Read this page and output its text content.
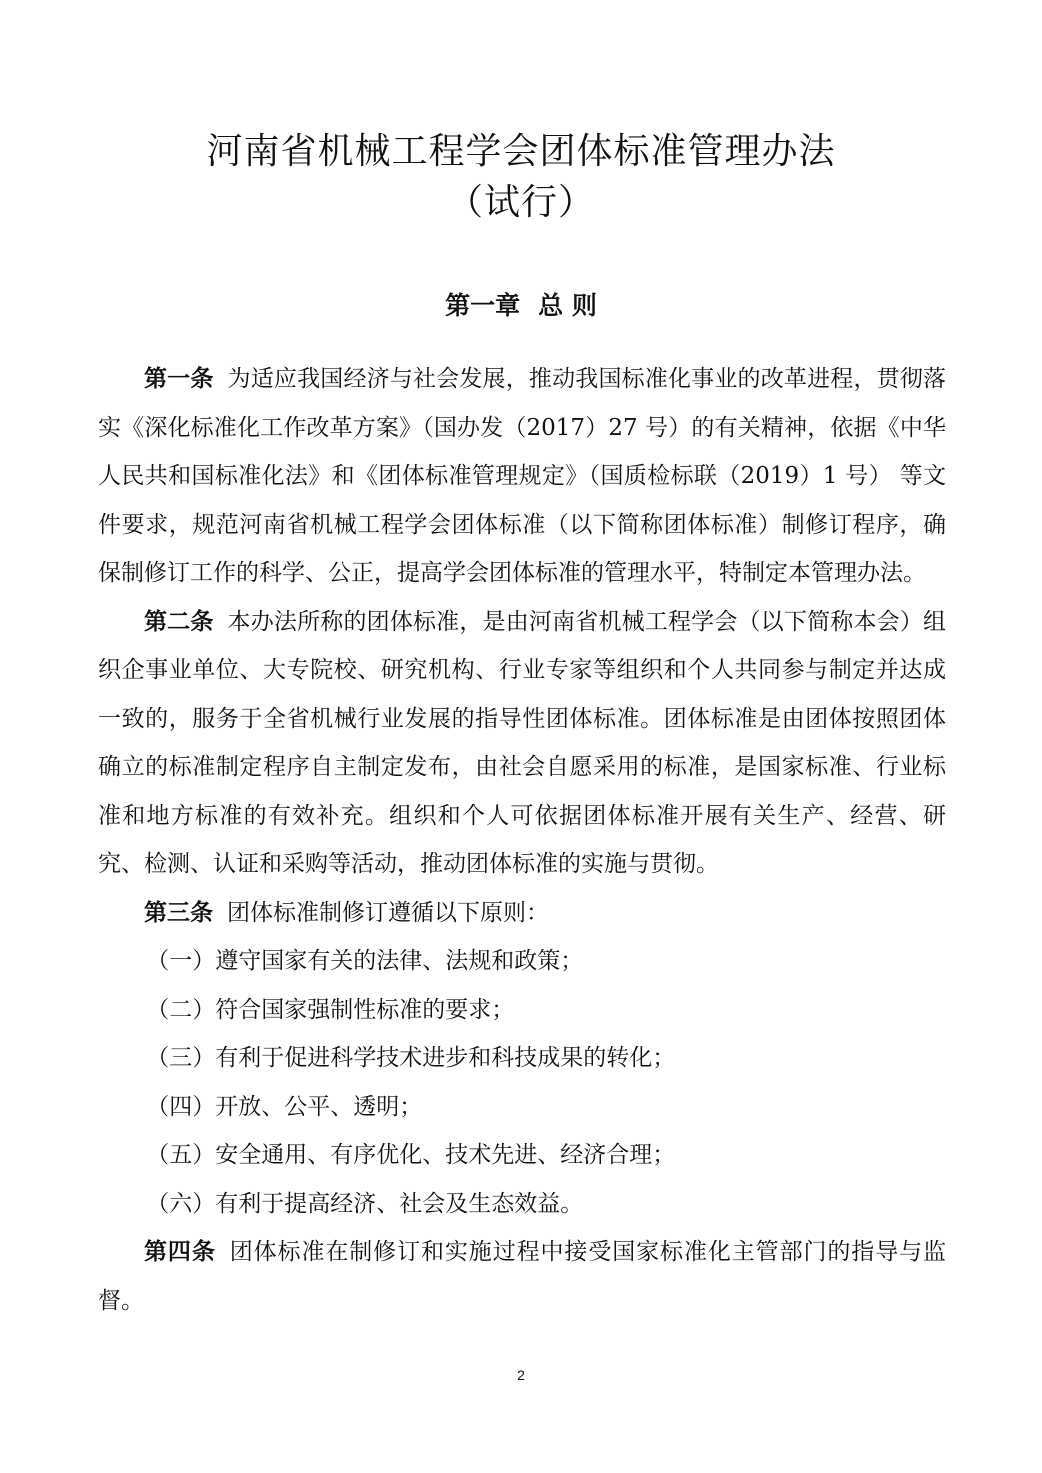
河南省机械工程学会团体标准管理办法
（试行）
第一章 总 则

第一条 为适应我国经济与社会发展，推动我国标准化事业的改革进程，贯彻落实《深化标准化工作改革方案》（国办发（2017）27 号）的有关精神，依据《中华人民共和国标准化法》和《团体标准管理规定》（国质检标联（2019）1 号） 等文件要求，规范河南省机械工程学会团体标准（以下简称团体标准）制修订程序，确保制修订工作的科学、公正，提高学会团体标准的管理水平，特制定本管理办法。

第二条 本办法所称的团体标准，是由河南省机械工程学会（以下简称本会）组织企事业单位、大专院校、研究机构、行业专家等组织和个人共同参与制定并达成一致的，服务于全省机械行业发展的指导性团体标准。团体标准是由团体按照团体确立的标准制定程序自主制定发布，由社会自愿采用的标准，是国家标准、行业标准和地方标准的有效补充。组织和个人可依据团体标准开展有关生产、经营、研究、检测、认证和采购等活动，推动团体标准的实施与贯彻。

第三条 团体标准制修订遵循以下原则：

（一）遵守国家有关的法律、法规和政策；

（二）符合国家强制性标准的要求；

（三）有利于促进科学技术进步和科技成果的转化；

（四）开放、公平、透明；

（五）安全通用、有序优化、技术先进、经济合理；

（六）有利于提高经济、社会及生态效益。

第四条 团体标准在制修订和实施过程中接受国家标准化主管部门的指导与监督。

2
